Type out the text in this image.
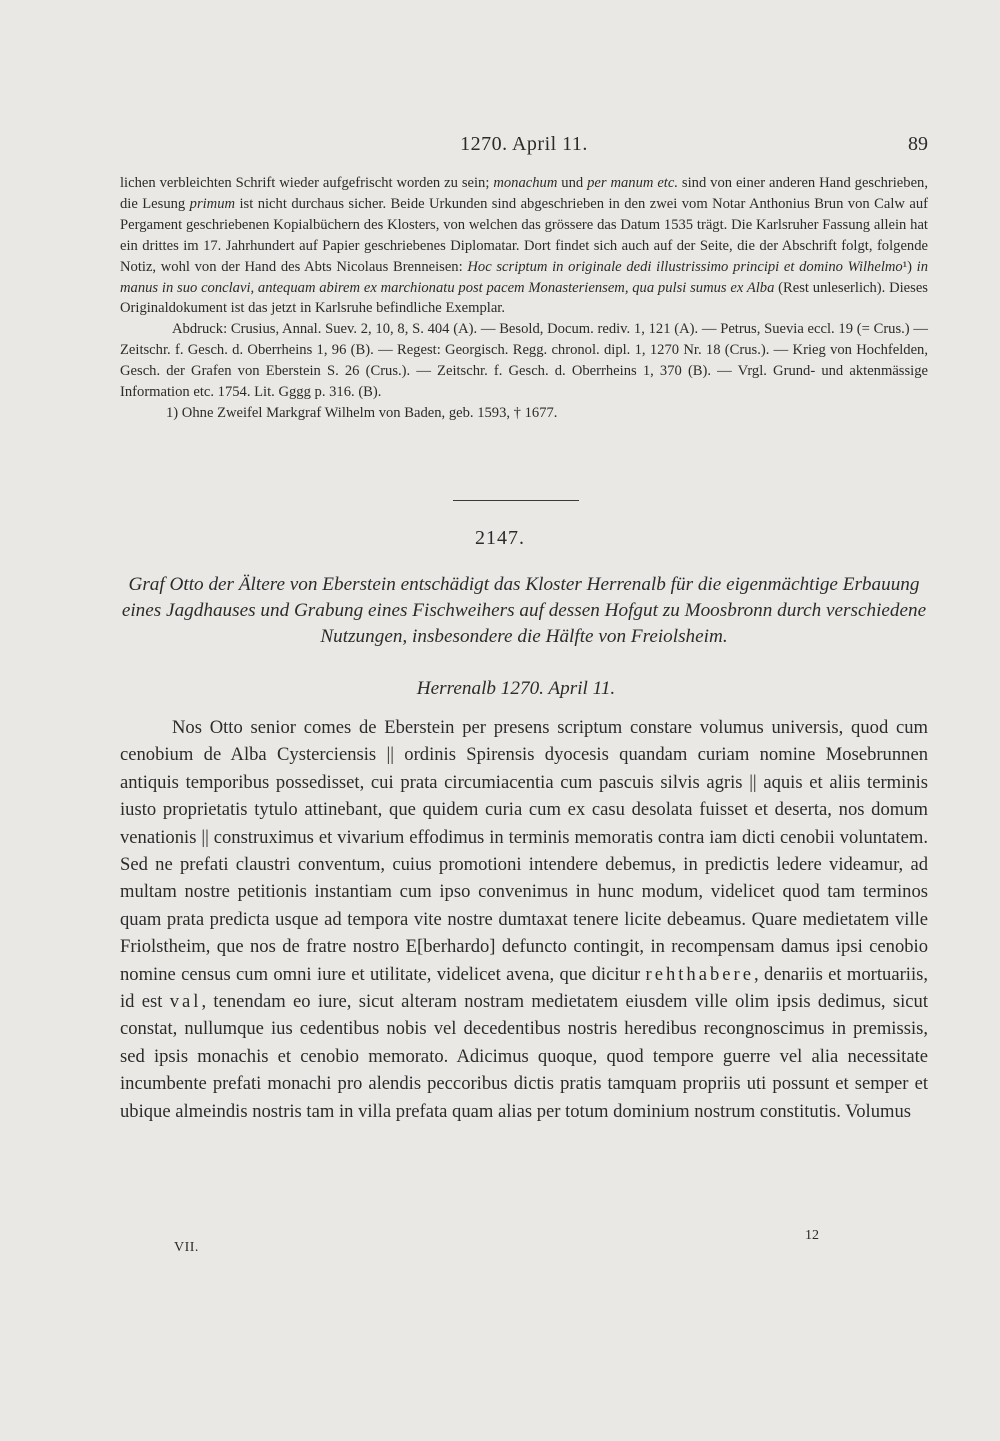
1270. April 11.	89

lichen verbleichten Schrift wieder aufgefrischt worden zu sein; monachum und per manum etc. sind von einer anderen Hand geschrieben, die Lesung primum ist nicht durchaus sicher. Beide Urkunden sind abgeschrieben in den zwei vom Notar Anthonius Brun von Calw auf Pergament geschriebenen Kopialbüchern des Klosters, von welchen das grössere das Datum 1535 trägt. Die Karlsruher Fassung allein hat ein drittes im 17. Jahrhundert auf Papier geschriebenes Diplomatar. Dort findet sich auch auf der Seite, die der Abschrift folgt, folgende Notiz, wohl von der Hand des Abts Nicolaus Brenneisen: Hoc scriptum in originale dedi illustrissimo principi et domino Wilhelmo¹) in manus in suo conclavi, antequam abirem ex marchionatu post pacem Monasteriensem, qua pulsi sumus ex Alba (Rest unleserlich). Dieses Originaldokument ist das jetzt in Karlsruhe befindliche Exemplar.

Abdruck: Crusius, Annal. Suev. 2, 10, 8, S. 404 (A). — Besold, Docum. rediv. 1, 121 (A). — Petrus, Suevia eccl. 19 (= Crus.) — Zeitschr. f. Gesch. d. Oberrheins 1, 96 (B). — Regest: Georgisch. Regg. chronol. dipl. 1, 1270 Nr. 18 (Crus.). — Krieg von Hochfelden, Gesch. der Grafen von Eberstein S. 26 (Crus.). — Zeitschr. f. Gesch. d. Oberrheins 1, 370 (B). — Vrgl. Grund- und aktenmässige Information etc. 1754. Lit. Gggg p. 316. (B).

1) Ohne Zweifel Markgraf Wilhelm von Baden, geb. 1593, † 1677.

2147.
Graf Otto der Ältere von Eberstein entschädigt das Kloster Herrenalb für die eigenmächtige Erbauung eines Jagdhauses und Grabung eines Fischweihers auf dessen Hofgut zu Moosbronn durch verschiedene Nutzungen, insbesondere die Hälfte von Freiolsheim.
Herrenalb 1270. April 11.

Nos Otto senior comes de Eberstein per presens scriptum constare volumus universis, quod cum cenobium de Alba Cysterciensis || ordinis Spirensis dyocesis quandam curiam nomine Mosebrunnen antiquis temporibus possedisset, cui prata circumiacentia cum pascuis silvis agris || aquis et aliis terminis iusto proprietatis tytulo attinebant, que quidem curia cum ex casu desolata fuisset et deserta, nos domum venationis || construximus et vivarium effodimus in terminis memoratis contra iam dicti cenobii voluntatem. Sed ne prefati claustri conventum, cuius promotioni intendere debemus, in predictis ledere videamur, ad multam nostre petitionis instantiam cum ipso convenimus in hunc modum, videlicet quod tam terminos quam prata predicta usque ad tempora vite nostre dumtaxat tenere licite debeamus. Quare medietatem ville Friolstheim, que nos de fratre nostro E[berhardo] defuncto contingit, in recompensam damus ipsi cenobio nomine census cum omni iure et utilitate, videlicet avena, que dicitur rehthabere, denariis et mortuariis, id est val, tenendam eo iure, sicut alteram nostram medietatem eiusdem ville olim ipsis dedimus, sicut constat, nullumque ius cedentibus nobis vel decedentibus nostris heredibus recongnoscimus in premissis, sed ipsis monachis et cenobio memorato. Adicimus quoque, quod tempore guerre vel alia necessitate incumbente prefati monachi pro alendis peccoribus dictis pratis tamquam propriis uti possunt et semper et ubique almeindis nostris tam in villa prefata quam alias per totum dominium nostrum constitutis. Volumus

VII.
12
